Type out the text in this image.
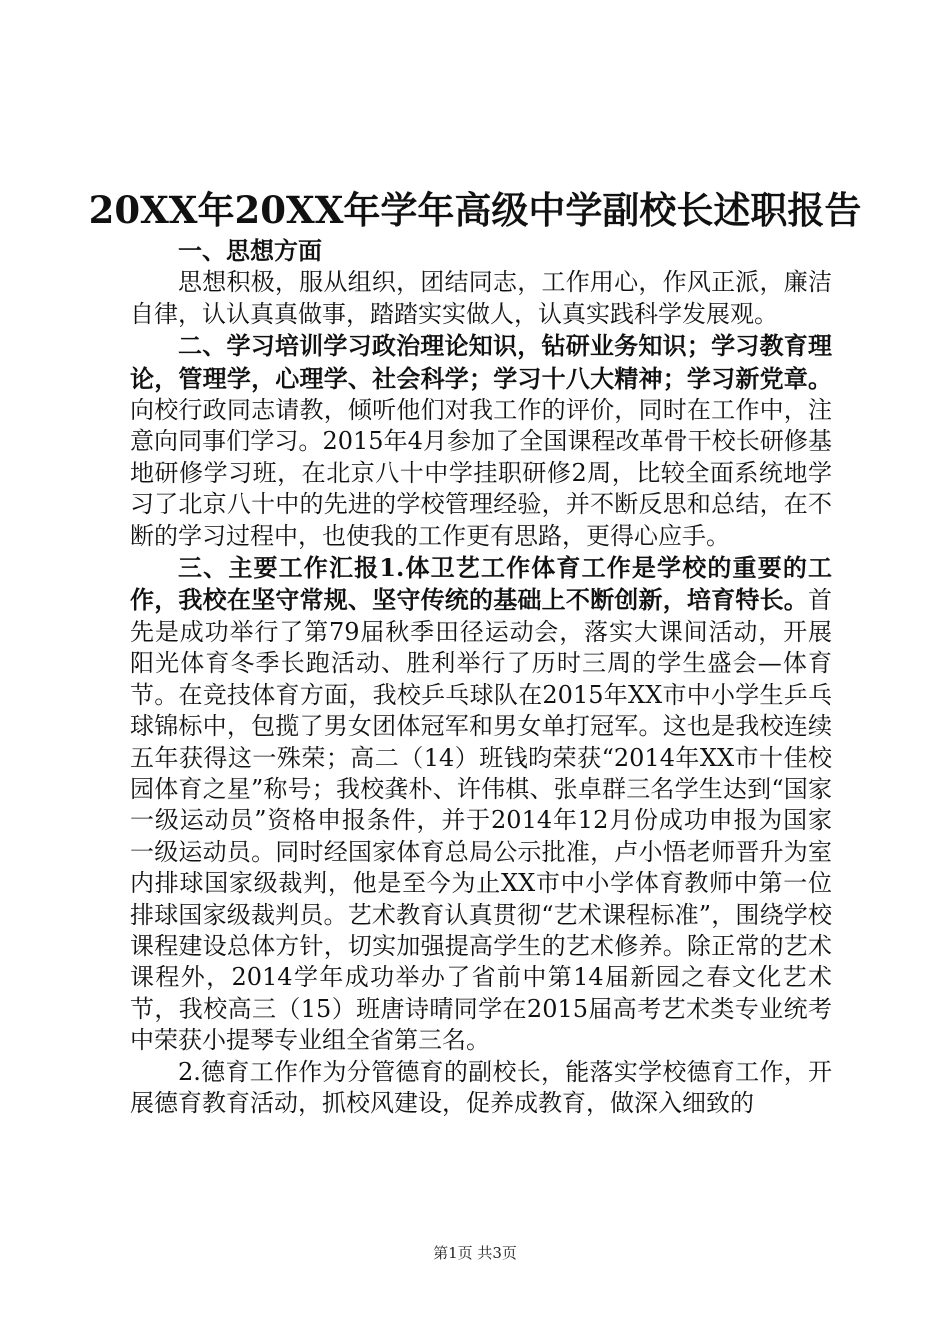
20XX年20XX年学年高级中学副校长述职报告

一、思想方面

思想积极，服从组织，团结同志，工作用心，作风正派，廉洁自律，认认真真做事，踏踏实实做人，认真实践科学发展观。

二、学习培训学习政治理论知识，钻研业务知识；学习教育理论，管理学，心理学、社会科学；学习十八大精神；学习新党章。向校行政同志请教，倾听他们对我工作的评价，同时在工作中，注意向同事们学习。2015年4月参加了全国课程改革骨干校长研修基地研修学习班，在北京八十中学挂职研修2周，比较全面系统地学习了北京八十中的先进的学校管理经验，并不断反思和总结，在不断的学习过程中，也使我的工作更有思路，更得心应手。

三、主要工作汇报1.体卫艺工作体育工作是学校的重要的工作，我校在坚守常规、坚守传统的基础上不断创新，培育特长。首先是成功举行了第79届秋季田径运动会，落实大课间活动，开展阳光体育冬季长跑活动、胜利举行了历时三周的学生盛会—体育节。在竞技体育方面，我校乒乓球队在2015年XX市中小学生乒乓球锦标中，包揽了男女团体冠军和男女单打冠军。这也是我校连续五年获得这一殊荣；高二（14）班钱昀荣获“2014年XX市十佳校园体育之星”称号；我校龚朴、许伟棋、张卓群三名学生达到“国家一级运动员”资格申报条件，并于2014年12月份成功申报为国家一级运动员。同时经国家体育总局公示批准，卢小悟老师晋升为室内排球国家级裁判，他是至今为止XX市中小学体育教师中第一位排球国家级裁判员。艺术教育认真贯彻“艺术课程标准”，围绕学校课程建设总体方针，切实加强提高学生的艺术修养。除正常的艺术课程外，2014学年成功举办了省前中第14届新园之春文化艺术节，我校高三（15）班唐诗晴同学在2015届高考艺术类专业统考中荣获小提琴专业组全省第三名。

2.德育工作作为分管德育的副校长，能落实学校德育工作，开展德育教育活动，抓校风建设，促养成教育，做深入细致的

第1页 共3页
